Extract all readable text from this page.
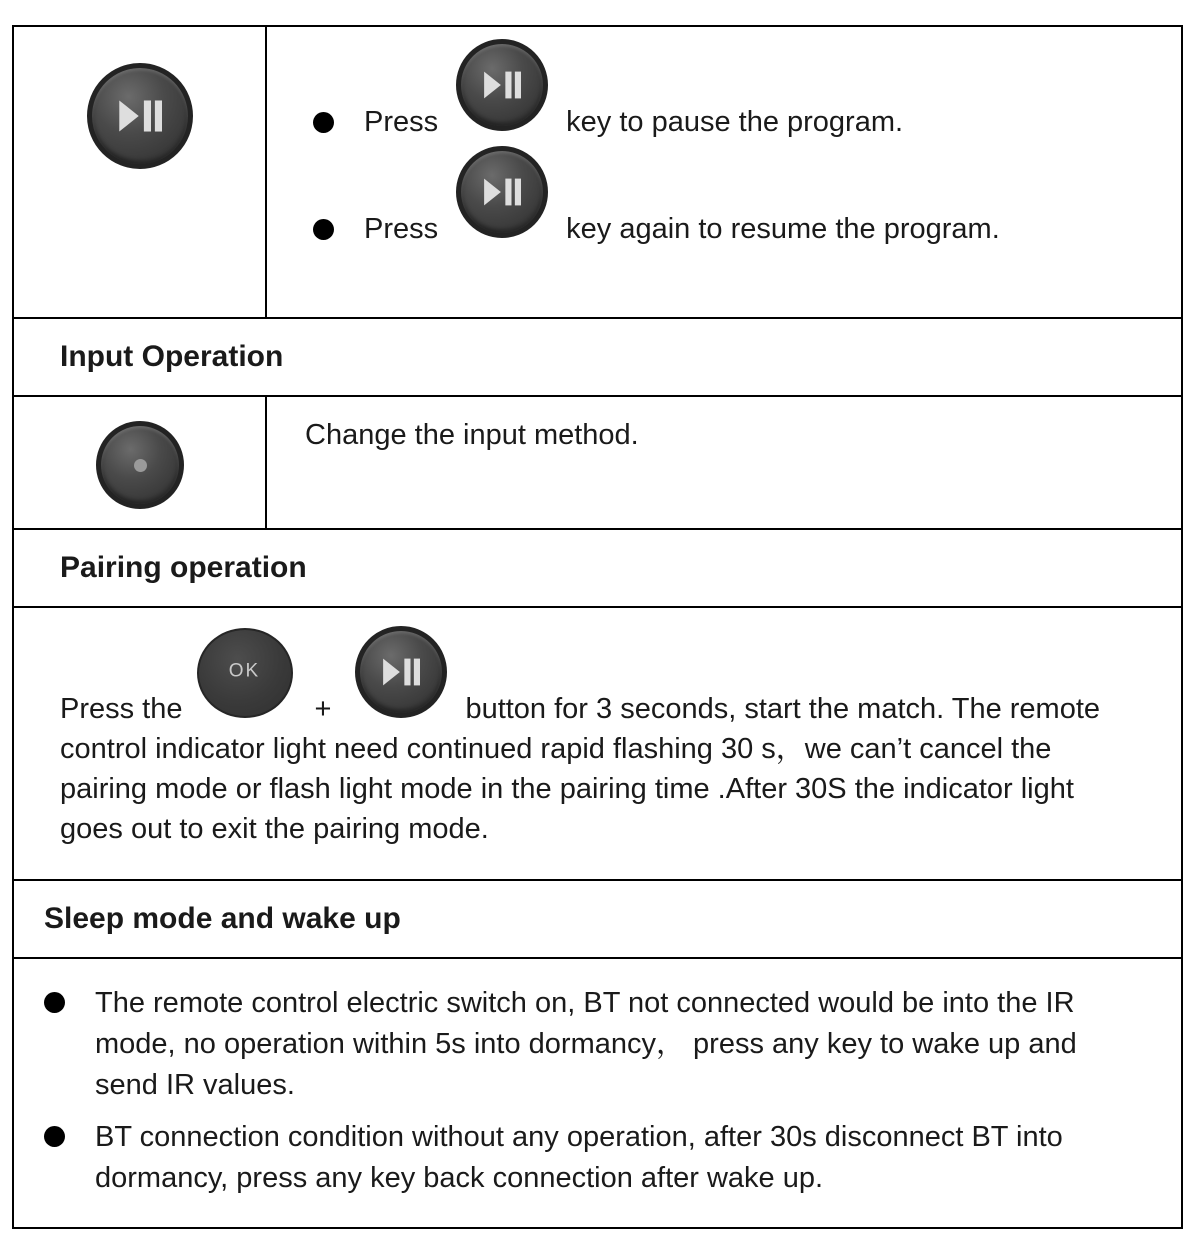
Press	key to pause the program.
Press	key again to resume the program.
Input Operation
Change the input method.
Pairing operation

Press the
OK
+	button for 3 seconds, start the match. The remote control indicator light need continued rapid flashing 30 s，we can’t cancel the pairing mode or flash light mode in the pairing time .After 30S the indicator light goes out to exit the pairing mode.

Sleep mode and wake up
The remote control electric switch on, BT not connected would be into the IR mode, no operation within 5s into dormancy， press any key to wake up and send IR values.
BT connection condition without any operation, after 30s disconnect BT into dormancy, press any key back connection after wake up.
